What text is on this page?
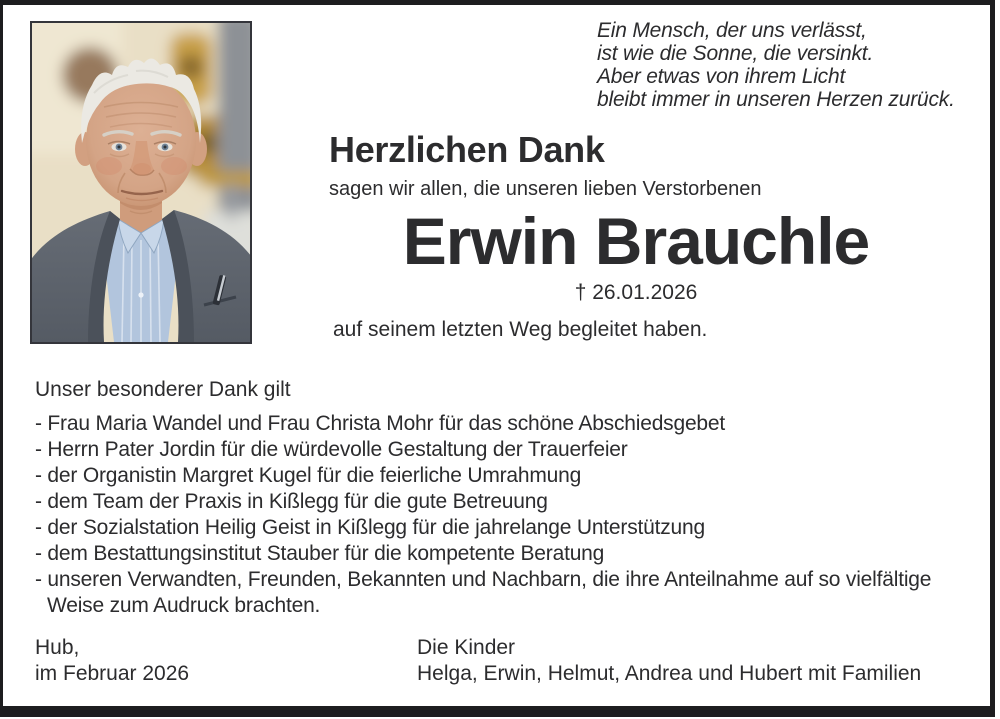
Ein Mensch, der uns verlässt,
ist wie die Sonne, die versinkt.
Aber etwas von ihrem Licht
bleibt immer in unseren Herzen zurück.
Herzlichen Dank
sagen wir allen, die unseren lieben Verstorbenen
Erwin Brauchle
† 26.01.2026
auf seinem letzten Weg begleitet haben.

Unser besonderer Dank gilt

- Frau Maria Wandel und Frau Christa Mohr für das schöne Abschiedsgebet
- Herrn Pater Jordin für die würdevolle Gestaltung der Trauerfeier
- der Organistin Margret Kugel für die feierliche Umrahmung
- dem Team der Praxis in Kißlegg für die gute Betreuung
- der Sozialstation Heilig Geist in Kißlegg für die jahrelange Unterstützung
- dem Bestattungsinstitut Stauber für die kompetente Beratung
- unseren Verwandten, Freunden, Bekannten und Nachbarn, die ihre Anteilnahme auf so vielfältige Weise zum Audruck brachten.
Hub,
im Februar 2026
Die Kinder
Helga, Erwin, Helmut, Andrea und Hubert mit Familien
